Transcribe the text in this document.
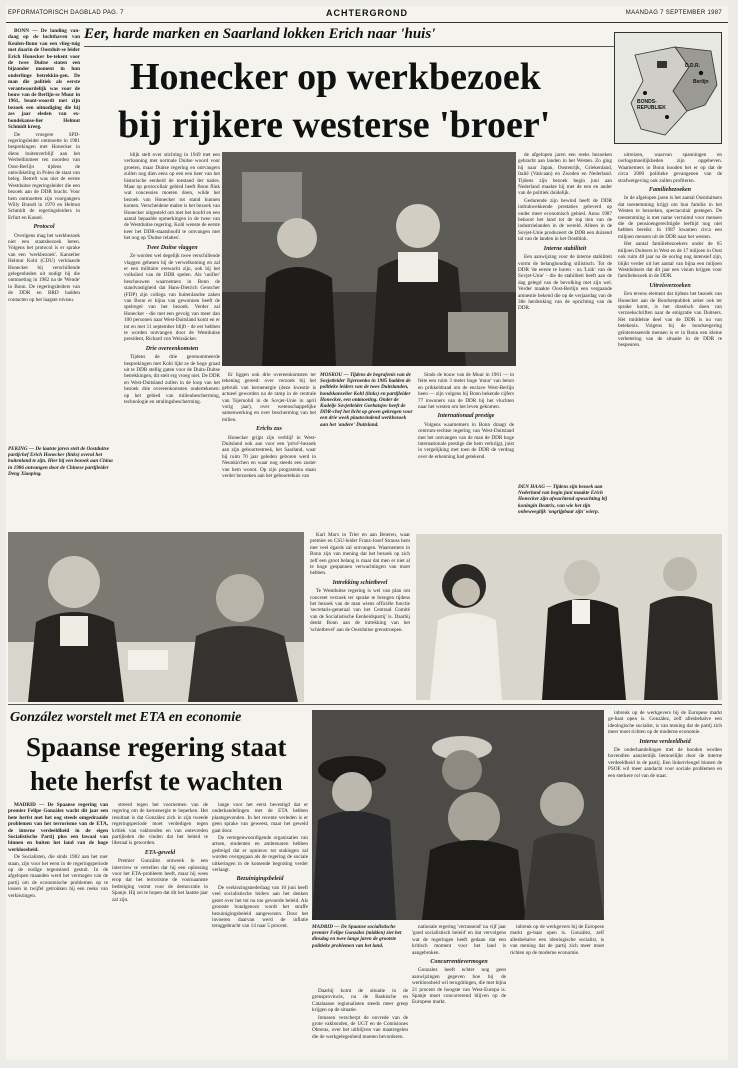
EPFORMATORISCH DAGBLAD PAG. 7	ACHTERGROND	MAANDAG 7 SEPTEMBER 1987
Eer, harde marken en Saarland lokken Erich naar 'huis'
Honecker op werkbezoek
bij rijkere westerse 'broer'
D.D.R.
BONDS-
REPUBLIEK
Berlijn

BONN — De landing van-daag op de luchthaven van Keulen-Bonn van een vlieg-tuig met daarin de Oostduit-se leider Erich Honecker be-tekent voor de twee Duitse staten een bijzonder moment in hun onderlinge betrekkin-gen. De man die politiek als eerste verantwoordelijk was voor de bouw van de Berlijn-se Muur in 1961, beant-woordt met zijn bezoek een uitnodiging die hij zes jaar eleden van ex-bondskanse-lier Helmut Schmidt kreeg.

De vroegere SPD-regeringsleider ontmoette in 1981 besprekingen met Honecker in diens buitenverblijf aan het Werbellinmeer ten noorden van Oost-Berlijn tijdens de ontwikkeling in Polen de staat van beleg. Betreft was niet de eerste Westduitse regeringsleider die een bezoek aan de DDR bracht. Voor hem ontmoetten zijn voorgangers Willy Brandt in 1970 en Helmut Schmidt de regeringsleiders in Erfurt en Kassel.

Protocol

Overigens mag het werkbezoek niet een staatsbezoek heten. Volgens het protocol is er sprake van een 'werkbezoek'. Kanselier Helmut Kohl (CDU) verklaarde Honecker bij verschillende gelegenheden uit nodigt bij die ontmoeting in 1982 na de 'Wende' in Bonn. De regeringsleiders van de DDR en BRD hadden contacten op het laagste niveau.

blijk stelt over stichting in 1949 met een verbanning met normale Duitse woord voor groeten, maar Duitse regering en ontvangers zullen nog dien eens op een een heer van het historische eenheid de toestand der naties. Maar op protocollair gebied heeft Bonn flink wat concessies moeten doen, wilde het bezoek van Honecker tot stand kunnen komen. Verscheidene malen is het bezoek van Honecker uitgesteld om met het hoofd en een aantal bepaalde opmerkingen in de twee van de Westduitse regering. Kohl wenste de eerste keer het DDR-staatshoofd te ontvangen met het oog op 'Duitse relaties'.

Twee Duitse vlaggen

Ze worden wel degelijk twee verschillende vlaggen gehesen bij de verwelkoming en zal er een militaire erewacht zijn, ook bij het volkslied van de DDR spelen. Als 'unifier' beschouwen waarnemers in Bonn de standvastigheid dat Hans-Dietrich Genscher (FDP) zijn collega van buitenlandse zaken van Bonn er bijna van gewonnen heeft de spelregel van het bezoek. Verder zal Honecker - die met een gevolg van meer dan 100 personen naar West-Duitsland komt en er tot en met 11 september blijft - de eer hebben te worden ontvangen door de Westduitse president, Richard von Weizsäcker.

Drie overeenkomsten

Tijdens de drie gerenommeerde besprekingen met Kohl lijkt ze de hoge graad uit te DDR stellig gaten voor de Duits-Duitse betrekkingen, dit stelt erg vroeg niet. De DDR en West-Duitsland zullen in de loop van het bezoek drie overeenkomsten ondertekenen: op het gebied van milieubescherming, technologie en stralingsbescherming.

de afgelopen jaren een reeks bezoeken gebracht aan landen in het Westen. Zo ging hij naar Japan, Oostenrijk, Griekenland, Italië (Vaticaan) en Zweden en Nederland. Tijdens zijn bezoek begin juni aan Nederland maakte hij met de een en ander van de politiek duidelijk.

Gedurende zijn bewind heeft de DDR indrukwekkende prestaties geleverd op onder meer economisch gebied. Anno 1987 behoort het land tot de top tien van de industrielanden in de wereld. Alleen in de Sovjet-Unie produceert de DDR een duizend tal van de landen in het Oostblok.

Interne stabiliteit

Een aanwijzing voor de interne stabiliteit vormt de belanghouding stilistisch. Tot de DDR 'de eerste te horen - na 'Luik' van de Sovjet-Unie' - die de stabiliteit heeft aan de dag gelegd van de bevolking met zijn wel. Verder maakte Oost-Berlijn een vergaande amnestie bekend die op de verjaardag van de 38e herdenking van de oprichting van de DDR.

uitreizen, waarvan spanningen en oorlogsmoeilijkheden zijn opgeheven. Waarnemers in Bonn houden het er op dat de circa 2000 politieke gevangenen van de strafwetgeving ook zullen profiteren.

Familiebezoeken

In de afgelopen jaren is het aantal Oostduitsers dat toestemming krijgt om hun familie in het Westen te bezoeken, spectaculair gestegen. De toestemming is met name verruimd voor mensen die de pensioengerechtigde leeftijd nog niet hebben bereikt. In 1987 kwamen circa een miljoen mensen uit de DDR naar het westen.

Het aantal familiebezoekers onder de 65 miljoen Duitsers in West en de 17 miljoen in Oost ook ruim 40 jaar na de oorlog nog intensief zijn, blijkt verder uit het aantal van bijna een miljoen Westduitsers dat dit jaar een visum krijgen voor familiebezoek in de DDR.

Uitreisverzoeken

Een tevens element dat tijdens het bezoek van Honecker aan de Bondsrepubliek zeker ook ter sprake komt, is het drastisch doen van verzoekschriften naar de emigratie van Duitsers. Het middelste deel van de DDR is nu van betekenis. Volgens bij de bondsregering geïnteresseerde mensen is er in Bonn een kleine verbetering van de situatie in de DDR te bespeuren.

PEKING — De laatste jaren stelt de Oostduitse partijchef Erich Honecker (links) overal het buitenland te zijn. Hier bij een bezoek aan China in 1986 ontvangen door de Chinese partijleider Deng Xiaoping.

Er liggen ook drie overeenkomsten ter tekening gereed: over verzoek bij het gebruik van kernenergie (deze kwestie is actueel geworden na de ramp in de centrale van Tsjernobil in de Sovjet-Unie in april vorig jaar), over wetenschappelijke samenwerking en over bescherming van het milieu.

Erichs zus

Honecker grijpt zijn verblijf in West-Duitsland ook aan voor een 'privé'-bezoek aan zijn geboortestreek, het Saarland, waar hij ruim 70 jaar geleden geboren werd in Neunkirchen en waar nog steeds een zuster van hem woont. Op zijn programma staan verder bezoeken aan het geboortehuis van

MOSKOU — Tijdens de begrafenis van de Sovjetleider Tsjernenko in 1985 hadden de politieke leiders van de twee Duitslanden, bondskanselier Kohl (links) en partijleider Honecker, een ontmoeting. Onder de Kudelje Sovjetleider Gorbatsjov heeft de DDR-chef het licht op groen gekregen voor een drie week plaatsvindend werkbezoek aan het 'andere' Duitsland.

Sinds de bouw van de Muur in 1961 — in feite een ruim 3 meter hoge 'muur' van beton en prikkeldraad om de enclave West-Berlijn heen — zijn volgens bij Bonn bekende cijfers 77 inwoners van de DDR bij het vluchten naar het westen om het leven gekomen.

Internationaal prestige

Volgens waarnemers in Bonn draagt de centrum-rechtse regering van West-Duitsland met het ontvangen van de man de DDR hoge internationale prestige die hem verkrijgt, juist in vergelijking met toen de DDR de verdrag over de erkenning had getekend.

Karl Marx in Trier en aan Beieren, waar premier en CSU-leider Franz-Josef Strauss hem met veel égards zal ontvangen. Waarnemers in Bonn zijn van mening dat het bezoek op zich zelf een groot belang is maar dat men er niet al te hoge gespannen verwachtingen van moet hebben.

Intrekking schietbevel

Te Westduitse regering is wel van plan om concreet verzoek ter sprake te brengen tijdens het bezoek van de man wiens officiële functie 'secretaris-generaal van het Centraal Comité van de Socialistische Eenheidspartij' is. Daarbij denkt Bonn aan de intrekking van het 'schietbevel' aan de Oostduitse grenstroepen.

DEN HAAG — Tijdens zijn bezoek aan Nederland van begin juni maakte Erich Honecker zijn afwachtend opwachting bij koningin Beatrix, van wie het zijn onbeweeglijk 'ongrijpbaar zijn' wierp.
González worstelt met ETA en economie
Spaanse regering staat
hete herfst te wachten

MADRID — De Spaanse regering van premier Felipe González wacht dit jaar een hete herfst met het oog steeds omgedraaide problemen van het terrorisme van de ETA, de interne verdeeldheid in de eigen Socialistische Partij plus een lawaai van binnen en buiten het land van de hoge werkloosheid.

De Socialisten, die sinds 1982 aan het roer staan, zijn voor het eerst in de regeringsperiode op de nodige tegenstand gestuit. In de afgelopen maanden werd het vermogen van de partij om de economische problemen op te lossen in twijfel getrokken bij een reeks van verkiezingen.

streerd tegen het voornemen van de regering om de kernenergie te beperken. Het resultaat is dat González zich in zijn tweede regeringsperiode moet verdedigen tegen kritiek van vakbonden en van ontevreden partijleden die vinden dat het beleid te liberaal is geworden.

ETA-geweld

Premier González ontweek in een interview te vertellen dat hij een oplossing voor het ETA-probleem heeft, maar hij wees erop dat het terrorisme de voornaamste bedreiging vormt voor de democratie in Spanje. Hij zei te hopen dat dit het laatste jaar zal zijn.

lange voor het eerst bevestigd dat er onderhandelingen met de ETA hebben plaatsgevonden. In het recente verleden is er geen sprake van geweest, maar het geweld gaat door.

De vertegenwoordigende organisaties van artsen, studenten en ambtenaren hebben gedreigd dat er opnieuw tot stakingen zal worden overgegaan als de regering de sociale uitkeringen in de komende begroting verder verlaagt.

Bezuinigingsbeleid

De verkiezingsnederlaag van 10 juni heeft veel socialistische leiders aan het denken gezet over het tot nu toe gevoerde beleid. Als grootste bondgenoot wordt het straffe bezuinigingsbeleid aangewezen. Door het invoeren daarvan werd de inflatie teruggebracht van 14 naar 5 procent.	MADRID — De Spaanse socialistische premier Felipe González (midden) ziet het dinsdag en twee lange jaren de grootste politieke problemen van het land.

Daarbij komt de situatie in de grensprovincie, nu de Baskische en Catalaanse regionalisten steeds meer greep krijgen op de situatie.

Intussen verscherpt de onvrede van de grote vakbonden, de UGT en de Comisiones Obreras, over het uitblijven van maatregelen die de werkgelegenheid moeten bevorderen.

nationale regering 'verrassend' na vijf jaar 'goed socialistisch beleid' en dat vervolgens wat de regeringen heeft gedaan dat een kritisch moment voor het land is aangebroken.

Concurrentievermogen

Gonzalez heeft echter nog geen aanwijzingen gegeven hoe hij de werkloosheid wil terugdringen, die met bijna 21 procent de hoogste van West-Europa is. Spanje moet concurrerend blijven op de Europese markt.

inbreuk op de werkgevers bij de Europese markt ge-baat open is. González, zelf allesbehalve een ideologische socialist, is van mening dat de partij zich meer moet richten op de moderne economie.

inbreuk op de werkgevers bij de Europese markt ge-baat open is. González, zelf allesbehalve een ideologische socialist, is van mening dat de partij zich meer moet richten op de moderne economie.

Interne verdeeldheid

De onderhandelingen met de bonden worden bovendien aanzienlijk bemoeilijkt door de interne verdeeldheid in de partij. Een linkervleugel binnen de PSOE wil meer aandacht voor sociale problemen en een sterkere rol van de staat.
